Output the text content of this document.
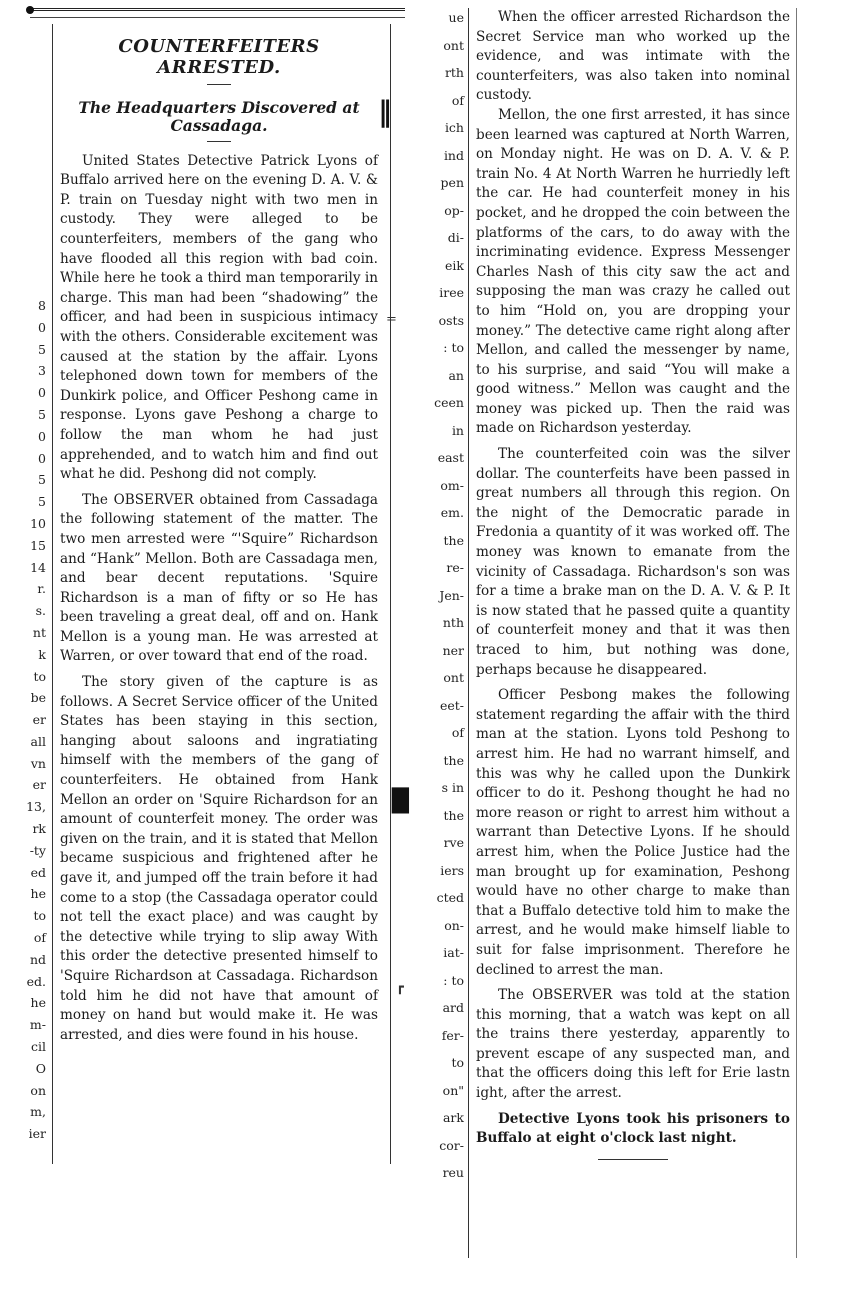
‖
=
█
┏
8
0
5
3
0
5
0
0
5
5
10
15
14
r.
s.
nt
k
to
be
er
all
vn
er
13,
rk
-ty
ed
he
to
of
nd
ed.
he
m-
cil
O
on
m,
ier
ue
ont
rth
of
ich
ind
pen
op-
di-
eik
iree
osts
: to
an
ceen
in
east
om-
em.
the
re-
Jen-
nth
ner
ont
eet-
of
the
s in
the
rve
iers
cted
on-
iat-
: to
ard
fer-
to
on"
ark
cor-
reu
COUNTERFEITERS ARRESTED.
The Headquarters Discovered at Cassadaga.

United States Detective Patrick Lyons of Buffalo arrived here on the evening D. A. V. & P. train on Tuesday night with two men in custody. They were alleged to be counterfeiters, members of the gang who have flooded all this region with bad coin. While here he took a third man temporarily in charge. This man had been “shadowing” the officer, and had been in suspicious intimacy with the others. Considerable excitement was caused at the station by the affair. Lyons telephoned down town for members of the Dunkirk police, and Officer Peshong came in response. Lyons gave Peshong a charge to follow the man whom he had just apprehended, and to watch him and find out what he did. Peshong did not comply.

The OBSERVER obtained from Cassadaga the following statement of the matter. The two men arrested were “'Squire” Richardson and “Hank” Mellon. Both are Cassadaga men, and bear decent reputations. 'Squire Richardson is a man of fifty or so He has been traveling a great deal, off and on. Hank Mellon is a young man. He was arrested at Warren, or over toward that end of the road.

The story given of the capture is as follows. A Secret Service officer of the United States has been staying in this section, hanging about saloons and ingratiating himself with the members of the gang of counterfeiters. He obtained from Hank Mellon an order on 'Squire Richardson for an amount of counterfeit money. The order was given on the train, and it is stated that Mellon became suspicious and frightened after he gave it, and jumped off the train before it had come to a stop (the Cassadaga operator could not tell the exact place) and was caught by the detective while trying to slip away With this order the detective presented himself to 'Squire Richardson at Cassadaga. Richardson told him he did not have that amount of money on hand but would make it. He was arrested, and dies were found in his house.

When the officer arrested Richardson the Secret Service man who worked up the evidence, and was intimate with the counterfeiters, was also taken into nominal custody.

Mellon, the one first arrested, it has since been learned was captured at North Warren, on Monday night. He was on D. A. V. & P. train No. 4 At North Warren he hurriedly left the car. He had counterfeit money in his pocket, and he dropped the coin between the platforms of the cars, to do away with the incriminating evidence. Express Messenger Charles Nash of this city saw the act and supposing the man was crazy he called out to him “Hold on, you are dropping your money.” The detective came right along after Mellon, and called the messenger by name, to his surprise, and said “You will make a good witness.” Mellon was caught and the money was picked up. Then the raid was made on Richardson yesterday.

The counterfeited coin was the silver dollar. The counterfeits have been passed in great numbers all through this region. On the night of the Democratic parade in Fredonia a quantity of it was worked off. The money was known to emanate from the vicinity of Cassadaga. Richardson's son was for a time a brake man on the D. A. V. & P. It is now stated that he passed quite a quantity of counterfeit money and that it was then traced to him, but nothing was done, perhaps because he disappeared.

Officer Pesbong makes the following statement regarding the affair with the third man at the station. Lyons told Peshong to arrest him. He had no warrant himself, and this was why he called upon the Dunkirk officer to do it. Peshong thought he had no more reason or right to arrest him without a warrant than Detective Lyons. If he should arrest him, when the Police Justice had the man brought up for examination, Peshong would have no other charge to make than that a Buffalo detective told him to make the arrest, and he would make himself liable to suit for false imprisonment. Therefore he declined to arrest the man.

The OBSERVER was told at the station this morning, that a watch was kept on all the trains there yesterday, apparently to prevent escape of any suspected man, and that the officers doing this left for Erie lastn ight, after the arrest.

Detective Lyons took his prisoners to Buffalo at eight o'clock last night.
